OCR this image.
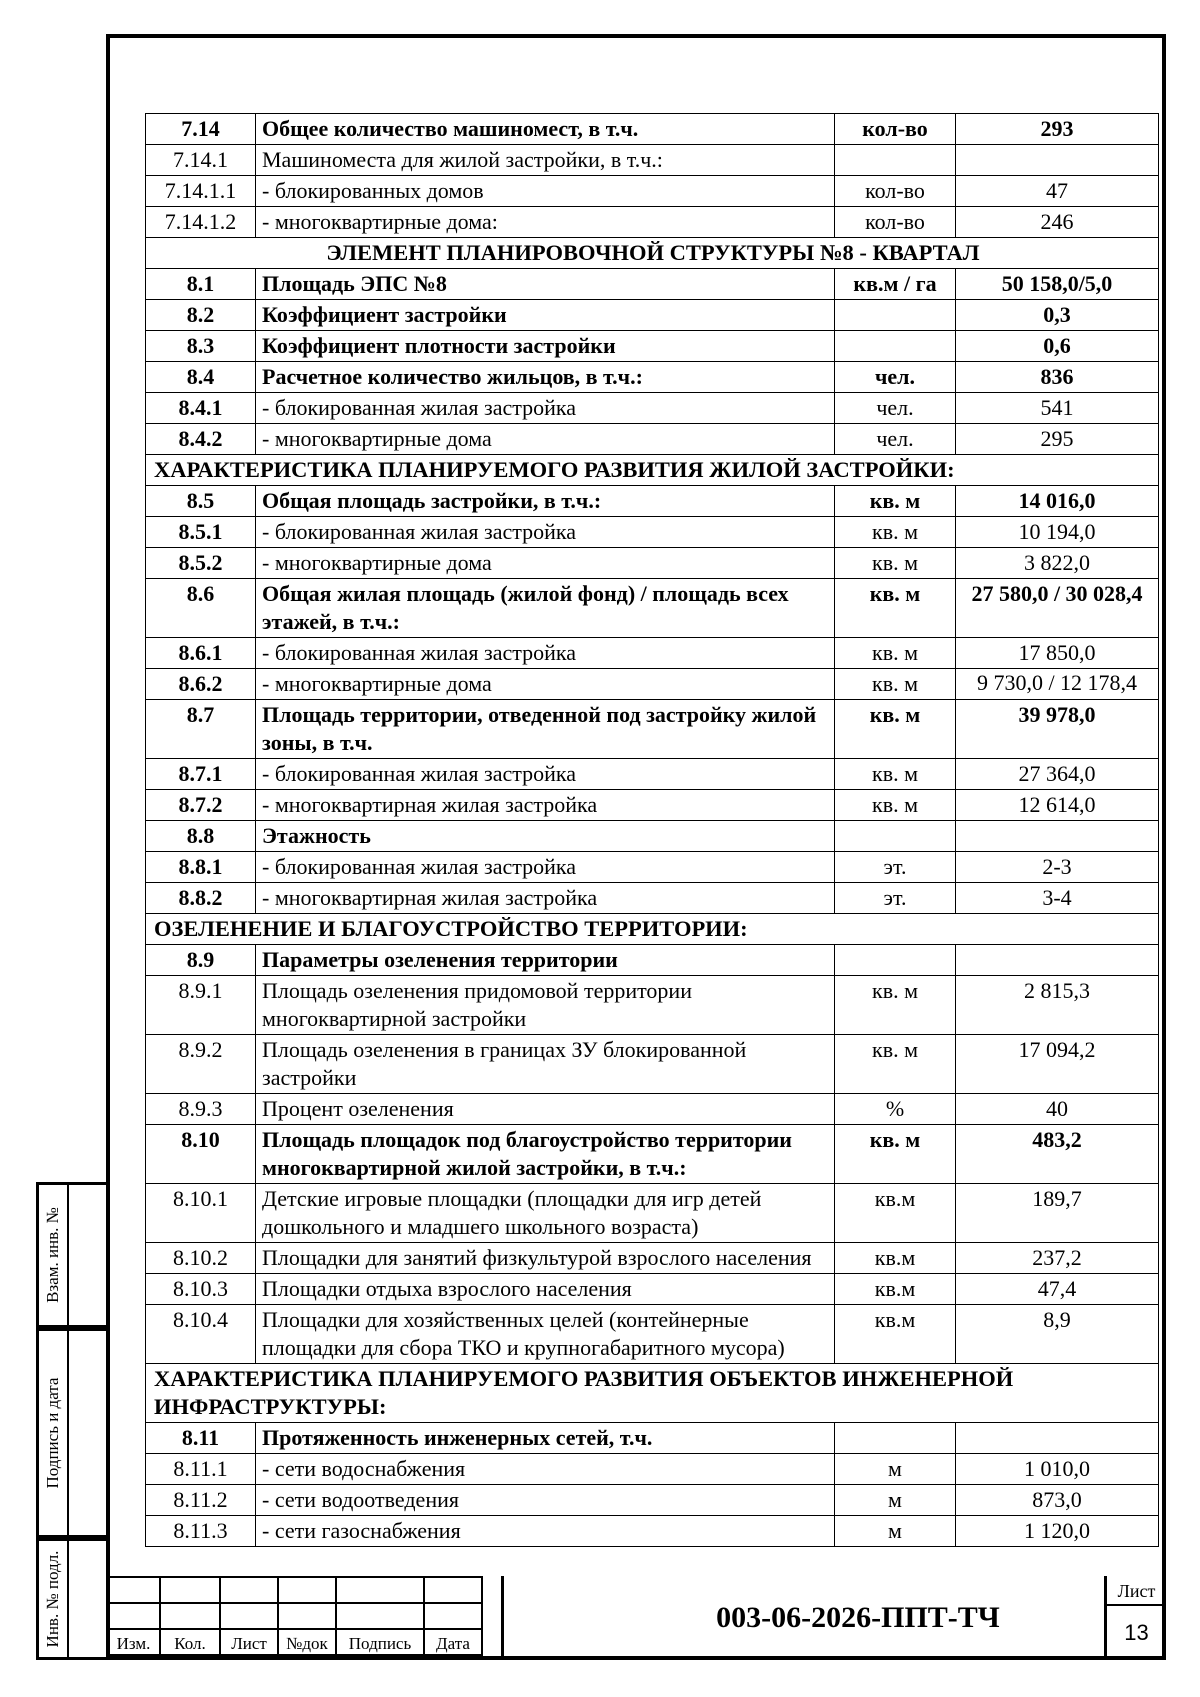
7.14	Общее количество машиномест, в т.ч.	кол-во	293
7.14.1	Машиноместа для жилой застройки, в т.ч.:		
7.14.1.1	- блокированных домов	кол-во	47
7.14.1.2	- многоквартирные дома:	кол-во	246
ЭЛЕМЕНТ ПЛАНИРОВОЧНОЙ СТРУКТУРЫ №8 - КВАРТАЛ			
8.1	Площадь ЭПС №8	кв.м / га	50 158,0/5,0
8.2	Коэффициент застройки		0,3
8.3	Коэффициент плотности застройки		0,6
8.4	Расчетное количество жильцов, в т.ч.:	чел.	836
8.4.1	- блокированная жилая застройка	чел.	541
8.4.2	- многоквартирные дома	чел.	295
ХАРАКТЕРИСТИКА ПЛАНИРУЕМОГО РАЗВИТИЯ ЖИЛОЙ ЗАСТРОЙКИ:			
8.5	Общая площадь застройки, в т.ч.:	кв. м	14 016,0
8.5.1	- блокированная жилая застройка	кв. м	10 194,0
8.5.2	- многоквартирные дома	кв. м	3 822,0
8.6	Общая жилая площадь (жилой фонд) / площадь всех этажей, в т.ч.:	кв. м	27 580,0 / 30 028,4
8.6.1	- блокированная жилая застройка	кв. м	17 850,0
8.6.2	- многоквартирные дома	кв. м	9 730,0 / 12 178,4
8.7	Площадь территории, отведенной под застройку жилой зоны, в т.ч.	кв. м	39 978,0
8.7.1	- блокированная жилая застройка	кв. м	27 364,0
8.7.2	- многоквартирная жилая застройка	кв. м	12 614,0
8.8	Этажность		
8.8.1	- блокированная жилая застройка	эт.	2-3
8.8.2	- многоквартирная жилая застройка	эт.	3-4
ОЗЕЛЕНЕНИЕ И БЛАГОУСТРОЙСТВО ТЕРРИТОРИИ:			
8.9	Параметры озеленения территории		
8.9.1	Площадь озеленения придомовой территории многоквартирной застройки	кв. м	2 815,3
8.9.2	Площадь озеленения в границах ЗУ блокированной застройки	кв. м	17 094,2
8.9.3	Процент озеленения	%	40
8.10	Площадь площадок под благоустройство территории многоквартирной жилой застройки, в т.ч.:	кв. м	483,2
8.10.1	Детские игровые площадки (площадки для игр детей дошкольного и младшего школьного возраста)	кв.м	189,7
8.10.2	Площадки для занятий физкультурой взрослого населения	кв.м	237,2
8.10.3	Площадки отдыха взрослого населения	кв.м	47,4
8.10.4	Площадки для хозяйственных целей (контейнерные площадки для сбора ТКО и крупногабаритного мусора)	кв.м	8,9
ХАРАКТЕРИСТИКА ПЛАНИРУЕМОГО РАЗВИТИЯ ОБЪЕКТОВ ИНЖЕНЕРНОЙ ИНФРАСТРУКТУРЫ:			
8.11	Протяженность инженерных сетей, т.ч.		
8.11.1	- сети водоснабжения	м	1 010,0
8.11.2	- сети водоотведения	м	873,0
8.11.3	- сети газоснабжения	м	1 120,0
Взам. инв. №
Подпись и дата
Инв. № подл.

						Изм.	Кол.	Лист	№док	Подпись	Дата
003-06-2026-ППТ-ТЧ
Лист
13
